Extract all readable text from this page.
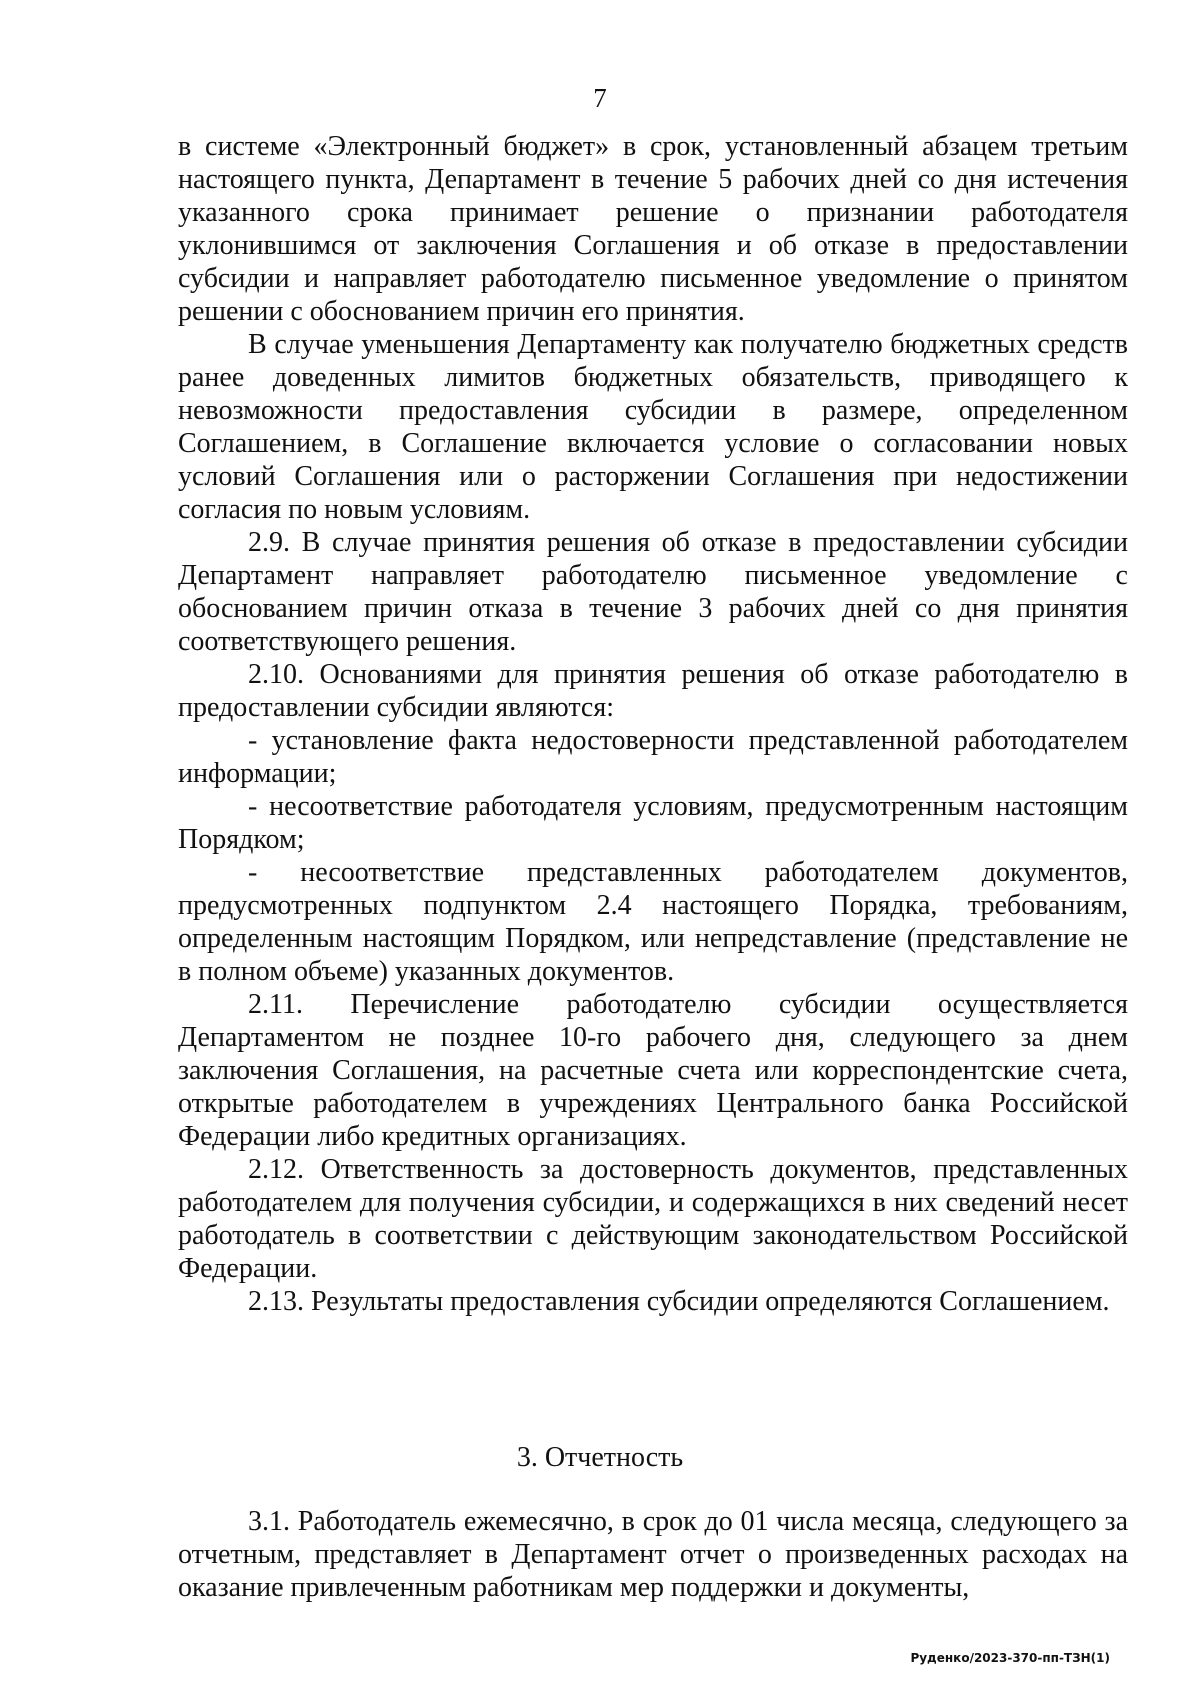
7

в системе «Электронный бюджет» в срок, установленный абзацем третьим настоящего пункта, Департамент в течение 5 рабочих дней со дня истечения указанного срока принимает решение о признании работодателя уклонившимся от заключения Соглашения и об отказе в предоставлении субсидии и направляет работодателю письменное уведомление о принятом решении с обоснованием причин его принятия.

В случае уменьшения Департаменту как получателю бюджетных средств ранее доведенных лимитов бюджетных обязательств, приводящего к невозможности предоставления субсидии в размере, определенном Соглашением, в Соглашение включается условие о согласовании новых условий Соглашения или о расторжении Соглашения при недостижении согласия по новым условиям.

2.9. В случае принятия решения об отказе в предоставлении субсидии Департамент направляет работодателю письменное уведомление с обоснованием причин отказа в течение 3 рабочих дней со дня принятия соответствующего решения.

2.10. Основаниями для принятия решения об отказе работодателю в предоставлении субсидии являются:

- установление факта недостоверности представленной работодателем информации;

- несоответствие работодателя условиям, предусмотренным настоящим Порядком;

- несоответствие представленных работодателем документов, предусмотренных подпунктом 2.4 настоящего Порядка, требованиям, определенным настоящим Порядком, или непредставление (представление не в полном объеме) указанных документов.

2.11. Перечисление работодателю субсидии осуществляется Департаментом не позднее 10-го рабочего дня, следующего за днем заключения Соглашения, на расчетные счета или корреспондентские счета, открытые работодателем в учреждениях Центрального банка Российской Федерации либо кредитных организациях.

2.12. Ответственность за достоверность документов, представленных работодателем для получения субсидии, и содержащихся в них сведений несет работодатель в соответствии с действующим законодательством Российской Федерации.

2.13. Результаты предоставления субсидии определяются Соглашением.

3. Отчетность

3.1. Работодатель ежемесячно, в срок до 01 числа месяца, следующего за отчетным, представляет в Департамент отчет о произведенных расходах на оказание привлеченным работникам мер поддержки и документы,

Руденко/2023-370-пп-ТЗН(1)
